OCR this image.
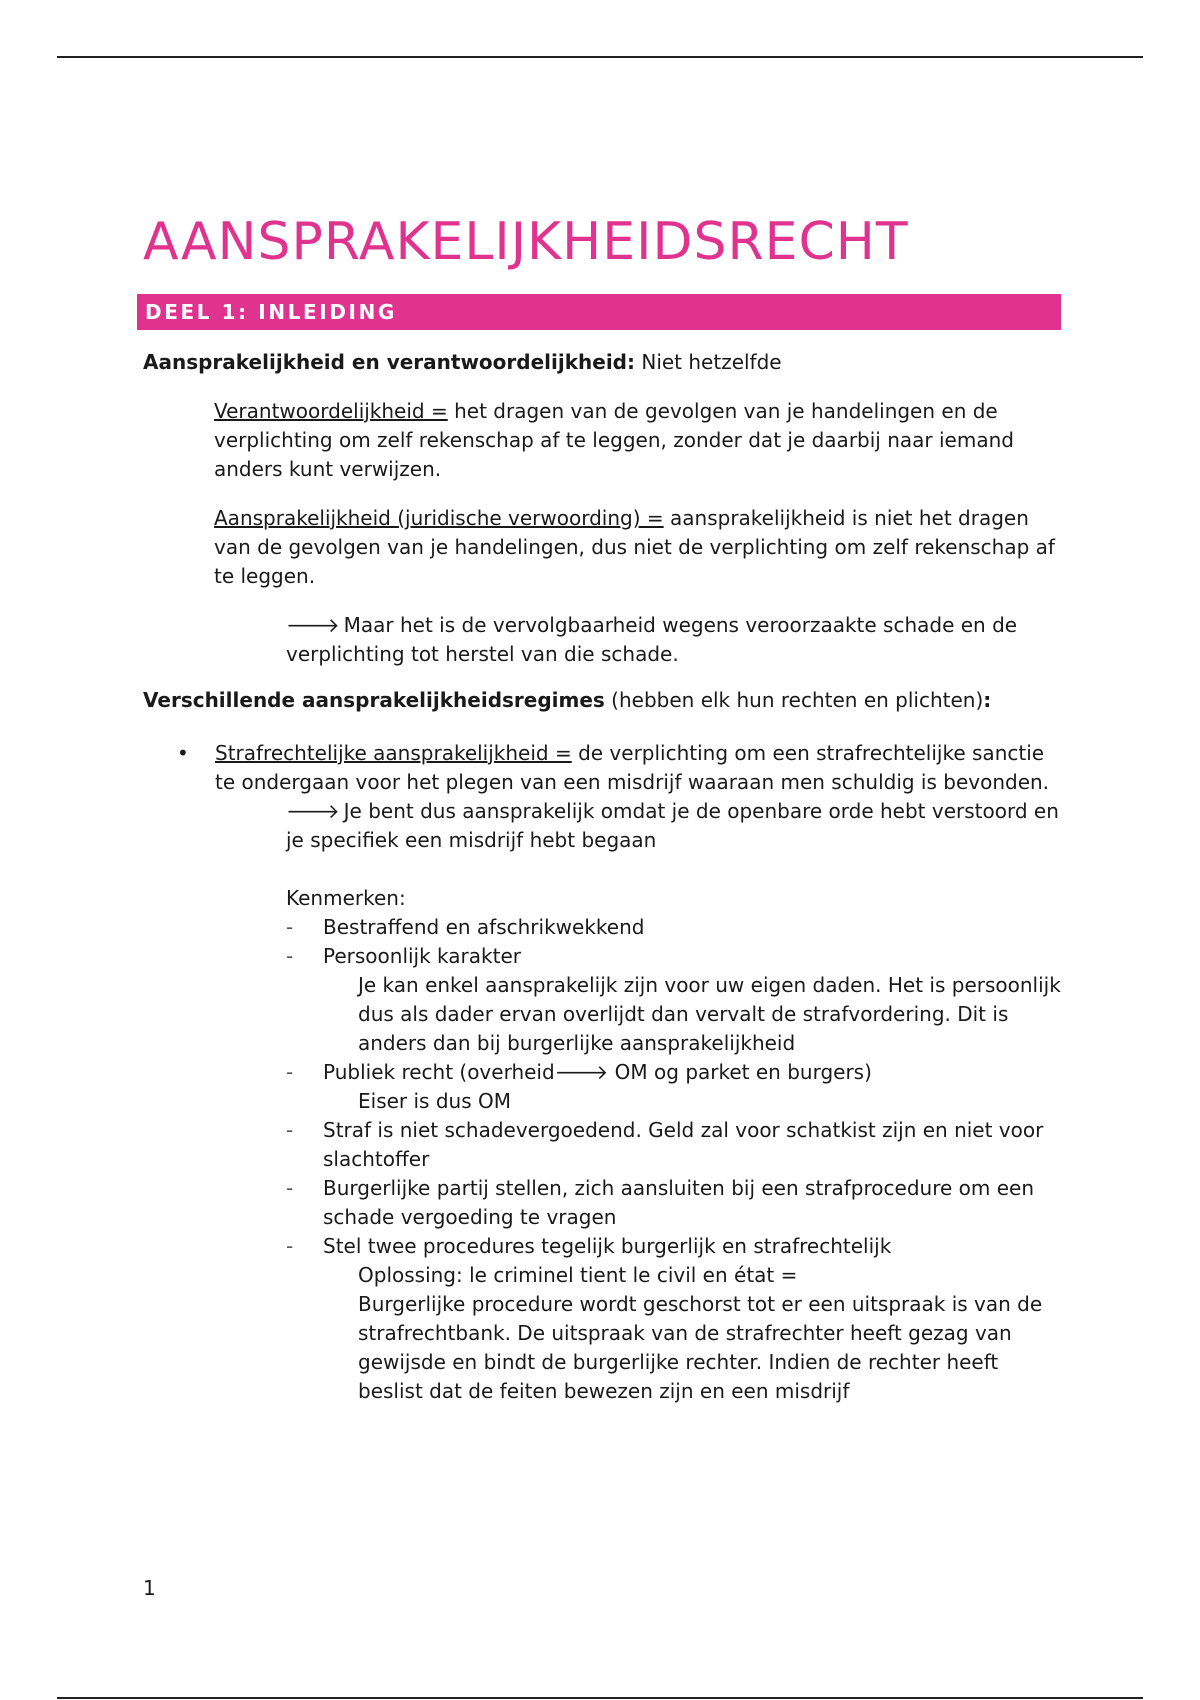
AANSPRAKELIJKHEIDSRECHT
DEEL 1: INLEIDING

Aansprakelijkheid en verantwoordelijkheid: Niet hetzelfde

Verantwoordelijkheid = het dragen van de gevolgen van je handelingen en de verplichting om zelf rekenschap af te leggen, zonder dat je daarbij naar iemand anders kunt verwijzen.

Aansprakelijkheid (juridische verwoording) = aansprakelijkheid is niet het dragen van de gevolgen van je handelingen, dus niet de verplichting om zelf rekenschap af te leggen.

🡒 Maar het is de vervolgbaarheid wegens veroorzaakte schade en de verplichting tot herstel van die schade.

Verschillende aansprakelijkheidsregimes (hebben elk hun rechten en plichten):

• Strafrechtelijke aansprakelijkheid = de verplichting om een strafrechtelijke sanctie te ondergaan voor het plegen van een misdrijf waaraan men schuldig is bevonden.

🡒 Je bent dus aansprakelijk omdat je de openbare orde hebt verstoord en je specifiek een misdrijf hebt begaan

Kenmerken:

- Bestraffend en afschrikwekkend
- Persoonlijk karakter
Je kan enkel aansprakelijk zijn voor uw eigen daden. Het is persoonlijk dus als dader ervan overlijdt dan vervalt de strafvordering. Dit is anders dan bij burgerlijke aansprakelijkheid
- Publiek recht (overheid🡒 OM og parket en burgers)
Eiser is dus OM
- Straf is niet schadevergoedend. Geld zal voor schatkist zijn en niet voor slachtoffer
- Burgerlijke partij stellen, zich aansluiten bij een strafprocedure om een schade vergoeding te vragen
- Stel twee procedures tegelijk burgerlijk en strafrechtelijk
Oplossing: le criminel tient le civil en état =
Burgerlijke procedure wordt geschorst tot er een uitspraak is van de strafrechtbank. De uitspraak van de strafrechter heeft gezag van gewijsde en bindt de burgerlijke rechter. Indien de rechter heeft beslist dat de feiten bewezen zijn en een misdrijf
1
